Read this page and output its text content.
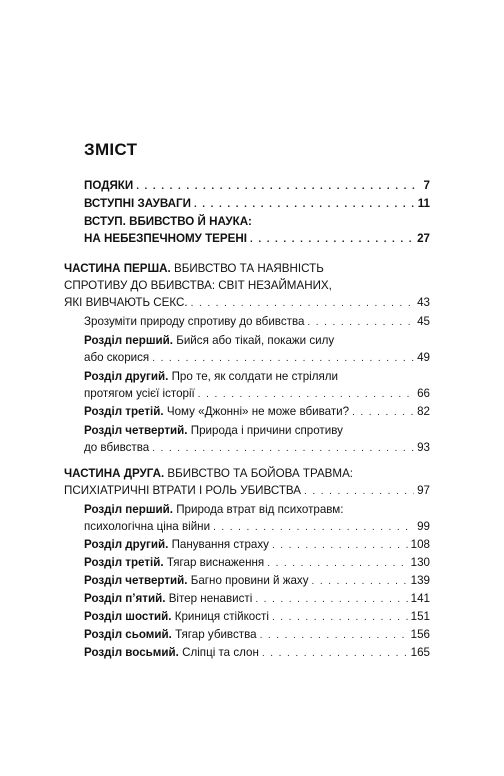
ЗМІСТ
ПОДЯКИ . . .	7
ВСТУПНІ ЗАУВАГИ . . .	11
ВСТУП. ВБИВСТВО Й НАУКА:
НА НЕБЕЗПЕЧНОМУ ТЕРЕНІ . . .	27
ЧАСТИНА ПЕРША. ВБИВСТВО ТА НАЯВНІСТЬ
СПРОТИВУ ДО ВБИВСТВА: СВІТ НЕЗАЙМАНИХ,
ЯКІ ВИВЧАЮТЬ СЕКС. . . .	43
Зрозуміти природу спротиву до вбивства . . .	45
Розділ перший. Бийся або тікай, покажи силу
або скорися . . .	49
Розділ другий. Про те, як солдати не стріляли
протягом усієї історії . . .	66
Розділ третій. Чому «Джонні» не може вбивати? . . .	82
Розділ четвертий. Природа і причини спротиву
до вбивства . . .	93
ЧАСТИНА ДРУГА. ВБИВСТВО ТА БОЙОВА ТРАВМА:
ПСИХІАТРИЧНІ ВТРАТИ І РОЛЬ УБИВСТВА . . .	97
Розділ перший. Природа втрат від психотравм:
психологічна ціна війни . . .	99
Розділ другий. Панування страху . . .	108
Розділ третій. Тягар виснаження . . .	130
Розділ четвертий. Багно провини й жаху . . .	139
Розділ п’ятий. Вітер ненависті . . .	141
Розділ шостий. Криниця стійкості . . .	151
Розділ сьомий. Тягар убивства . . .	156
Розділ восьмий. Сліпці та слон . . .	165
